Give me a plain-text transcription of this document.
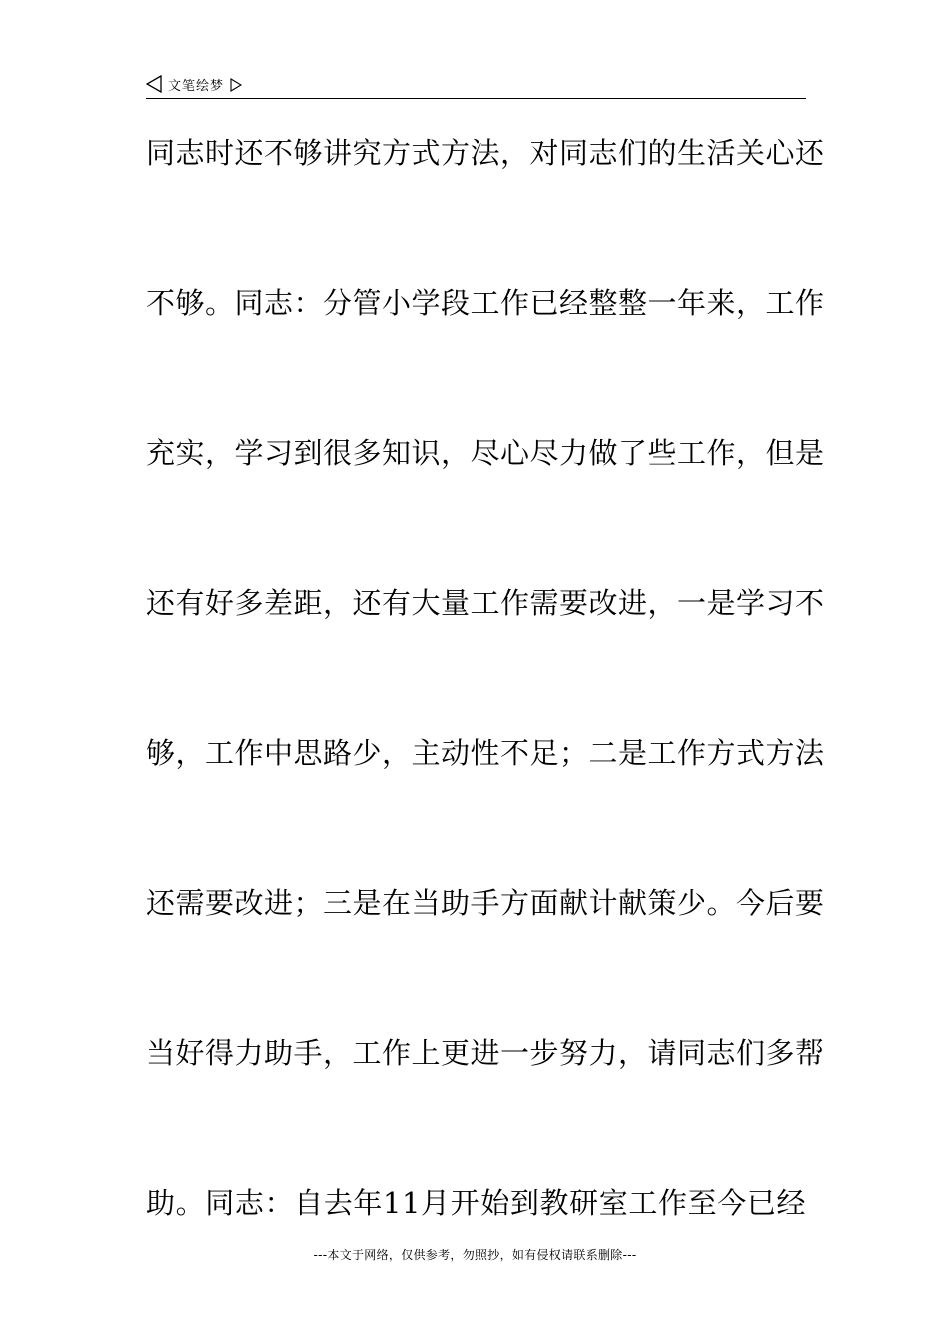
文笔绘梦
同志时还不够讲究方式方法，对同志们的生活关心还
不够。同志：分管小学段工作已经整整一年来，工作
充实，学习到很多知识，尽心尽力做了些工作，但是
还有好多差距，还有大量工作需要改进，一是学习不
够，工作中思路少，主动性不足；二是工作方式方法
还需要改进；三是在当助手方面献计献策少。今后要
当好得力助手，工作上更进一步努力，请同志们多帮
助。同志：自去年11月开始到教研室工作至今已经
---本文于网络，仅供参考，勿照抄，如有侵权请联系删除---
